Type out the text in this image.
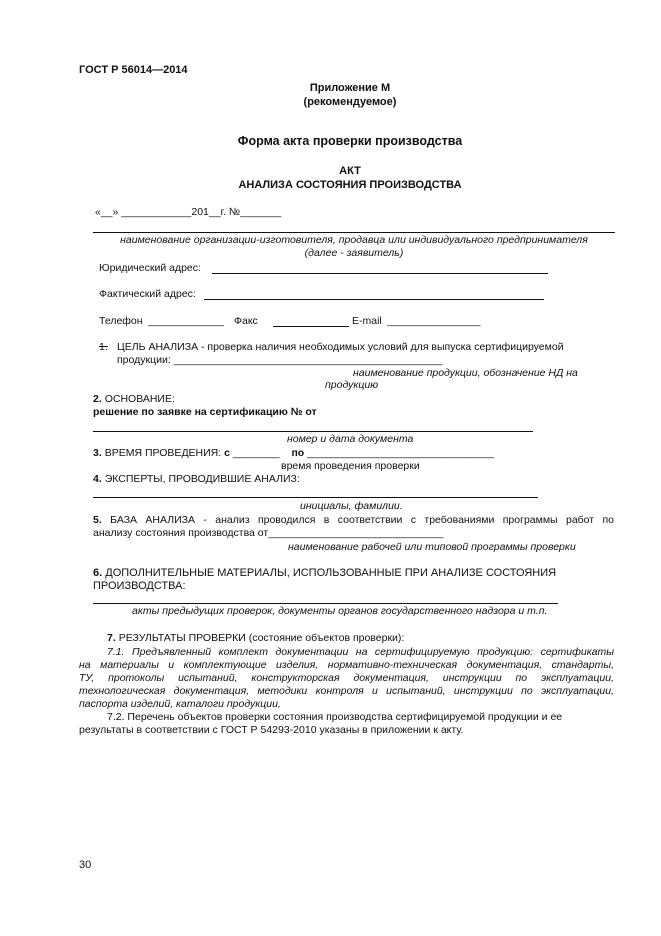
ГОСТ Р 56014—2014
Приложение М
(рекомендуемое)
Форма акта проверки производства
АКТ
АНАЛИЗА СОСТОЯНИЯ ПРОИЗВОДСТВА
«__» ____________201__г. №_______
наименование организации-изготовителя, продавца или индивидуального предпринимателя
(далее - заявитель)
Юридический адрес:
Фактический адрес:
Телефон _____________ Факс	E-mail ________________
1. ЦЕЛЬ АНАЛИЗА - проверка наличия необходимых условий для выпуска сертифицируемой
продукции: ______________________________________________
наименование продукции, обозначение НД на
продукцию
2. ОСНОВАНИЕ:
решение по заявке на сертификацию № от
номер и дата документа
3. ВРЕМЯ ПРОВЕДЕНИЯ: с ________ по ________________________________
время проведения проверки
4. ЭКСПЕРТЫ, ПРОВОДИВШИЕ АНАЛИЗ:
инициалы, фамилии.
5. БАЗА АНАЛИЗА - анализ проводился в соответствии с требованиями программы работ по
анализу состояния производства от______________________________
наименование рабочей или типовой программы проверки
6. ДОПОЛНИТЕЛЬНЫЕ МАТЕРИАЛЫ, ИСПОЛЬЗОВАННЫЕ ПРИ АНАЛИЗЕ СОСТОЯНИЯ
ПРОИЗВОДСТВА:
акты предыдущих проверок, документы органов государственного надзора и т.п.
7. РЕЗУЛЬТАТЫ ПРОВЕРКИ (состояние объектов проверки):
7.1. Предъявленный комплект документации на сертифицируемую продукцию: сертификаты
на материалы и комплектующие изделия, нормативно-техническая документация, стандарты,
ТУ, протоколы испытаний, конструкторская документация, инструкции по эксплуатации,
технологическая документация, методики контроля и испытаний, инструкции по эксплуатации,
паспорта изделий, каталоги продукции,
7.2. Перечень объектов проверки состояния производства сертифицируемой продукции и ее
результаты в соответствии с ГОСТ Р 54293-2010 указаны в приложении к акту.
30
